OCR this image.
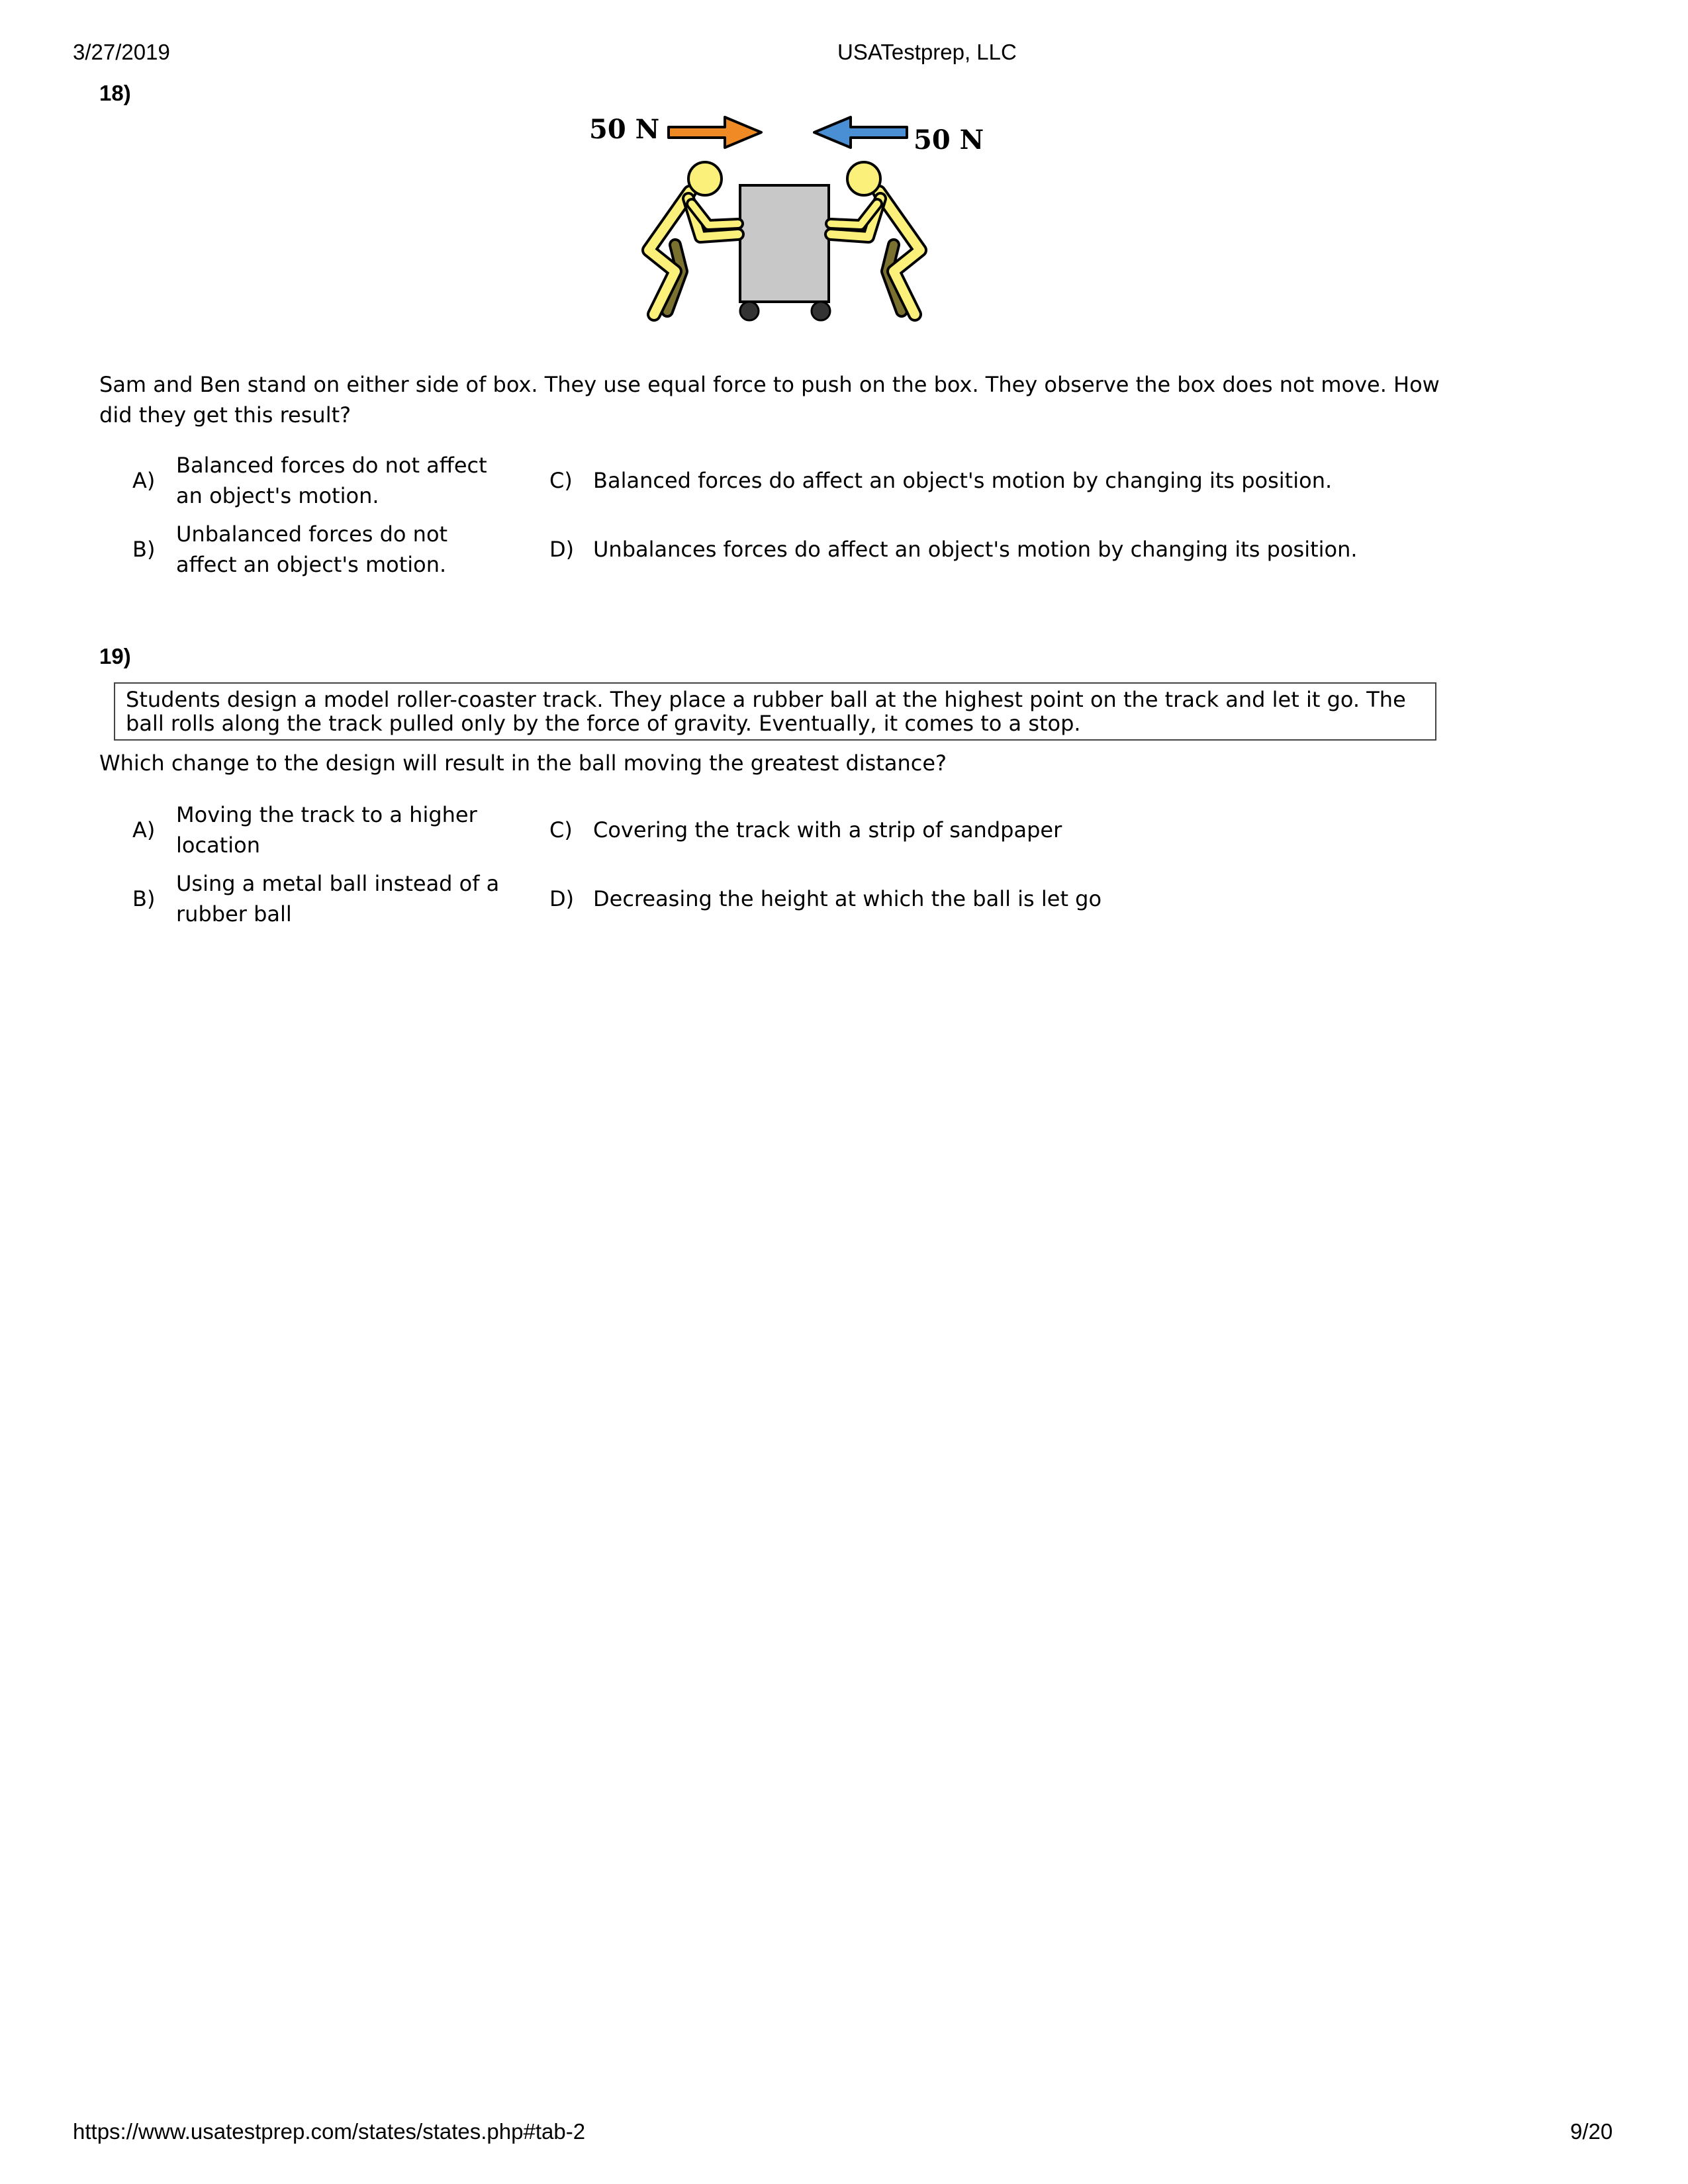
3/27/2019	USATestprep, LLC
18)
50 N	50 N
Sam and Ben stand on either side of box. They use equal force to push on the box. They observe the box does not move. How did they get this result?
A)
Balanced forces do not affect an object's motion.
B)
Unbalanced forces do not affect an object's motion.
C) Balanced forces do affect an object's motion by changing its position.
D) Unbalances forces do affect an object's motion by changing its position.
19)
Students design a model roller-coaster track. They place a rubber ball at the highest point on the track and let it go. The ball rolls along the track pulled only by the force of gravity. Eventually, it comes to a stop.
Which change to the design will result in the ball moving the greatest distance?
A)
Moving the track to a higher location
B)
Using a metal ball instead of a rubber ball
C) Covering the track with a strip of sandpaper
D) Decreasing the height at which the ball is let go
https://www.usatestprep.com/states/states.php#tab-2	9/20
